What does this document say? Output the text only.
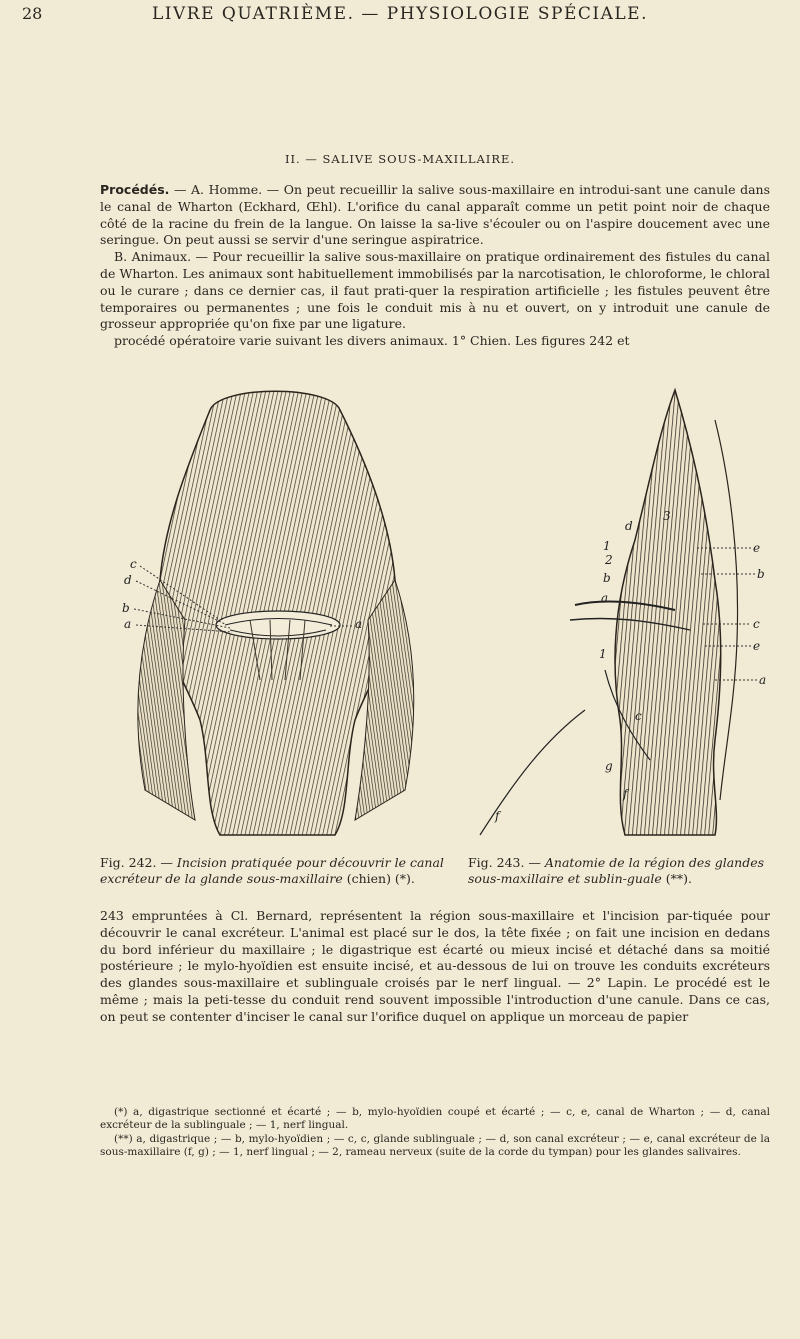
28	LIVRE QUATRIÈME. — PHYSIOLOGIE SPÉCIALE.
II. — SALIVE SOUS-MAXILLAIRE.

Procédés. — A. Homme. — On peut recueillir la salive sous-maxillaire en introdui-sant une canule dans le canal de Wharton (Eckhard, Œhl). L'orifice du canal apparaît comme un petit point noir de chaque côté de la racine du frein de la langue. On laisse la sa-live s'écouler ou on l'aspire doucement avec une seringue. On peut aussi se servir d'une seringue aspiratrice.

B. Animaux. — Pour recueillir la salive sous-maxillaire on pratique ordinairement des fistules du canal de Wharton. Les animaux sont habituellement immobilisés par la narcotisation, le chloroforme, le chloral ou le curare ; dans ce dernier cas, il faut prati-quer la respiration artificielle ; les fistules peuvent être temporaires ou permanentes ; une fois le conduit mis à nu et ouvert, on y introduit une canule de grosseur appropriée qu'on fixe par une ligature.

procédé opératoire varie suivant les divers animaux. 1° Chien. Les figures 242 et

c
d
b
a	a
d
3
1
2
b
a
1
c
e
b
c
e
a
g
f
f
Fig. 242. — Incision pratiquée pour découvrir le canal excréteur de la glande sous-maxillaire (chien) (*).
Fig. 243. — Anatomie de la région des glandes sous-maxillaire et sublin-guale (**).

243 empruntées à Cl. Bernard, représentent la région sous-maxillaire et l'incision par-tiquée pour découvrir le canal excréteur. L'animal est placé sur le dos, la tête fixée ; on fait une incision en dedans du bord inférieur du maxillaire ; le digastrique est écarté ou mieux incisé et détaché dans sa moitié postérieure ; le mylo-hyoïdien est ensuite incisé, et au-dessous de lui on trouve les conduits excréteurs des glandes sous-maxillaire et sublinguale croisés par le nerf lingual. — 2° Lapin. Le procédé est le même ; mais la peti-tesse du conduit rend souvent impossible l'introduction d'une canule. Dans ce cas, on peut se contenter d'inciser le canal sur l'orifice duquel on applique un morceau de papier

(*) a, digastrique sectionné et écarté ; — b, mylo-hyoïdien coupé et écarté ; — c, e, canal de Wharton ; — d, canal excréteur de la sublinguale ; — 1, nerf lingual.

(**) a, digastrique ; — b, mylo-hyoïdien ; — c, c, glande sublinguale ; — d, son canal excréteur ; — e, canal excréteur de la sous-maxillaire (f, g) ; — 1, nerf lingual ; — 2, rameau nerveux (suite de la corde du tympan) pour les glandes salivaires.
